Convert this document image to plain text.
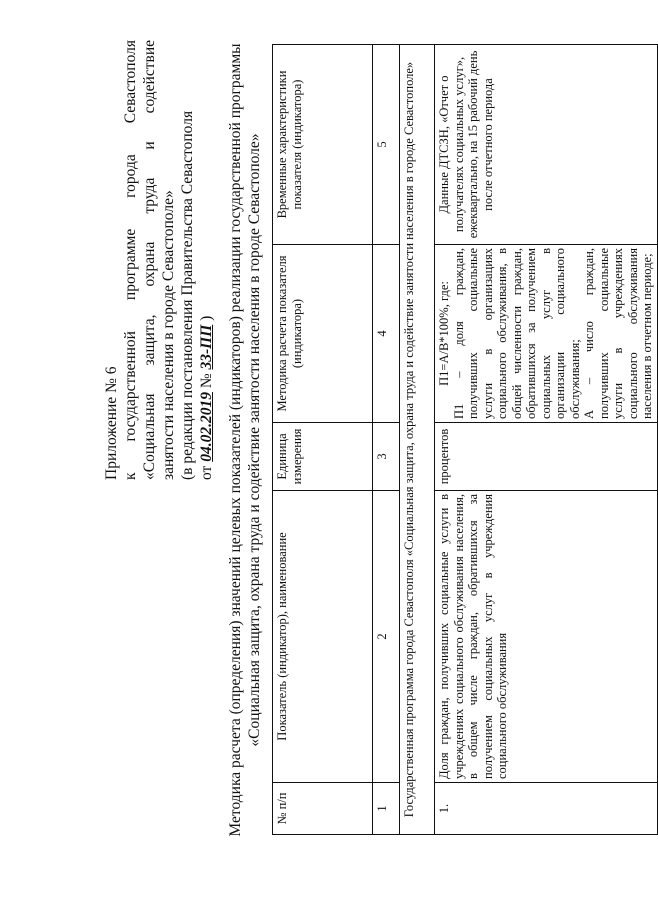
Приложение № 6 к государственной программе города Севастополя «Социальная защита, охрана труда и содействие занятости населения в городе Севастополе» (в редакции постановления Правительства Севастополя от 04.02.2019 № 33-ПП ) Методика расчета (определения) значений целевых показателей (индикаторов) реализации государственной программы «Социальная защита, охрана труда и содействие занятости населения в городе Севастополе»
№ п/п	Показатель (индикатор), наименование	Единица измерения	Методика расчета показателя (индикатора)	Временные характеристики показателя (индикатора)
1	2	3	4	5
Государственная программа города Севастополя «Социальная защита, охрана труда и содействие занятости населения в городе Севастополе»				
1.	Доля граждан, получивших социальные услуги в учреждениях социального обслуживания населения, в общем числе граждан, обратившихся за получением социальных услуг в учреждения социального обслуживания	процентов	П1=А/В*100%, где: П1 – доля граждан, получивших социальные услуги в организациях социального обслуживания, в общей численности граждан, обратившихся за получением социальных услуг в организации социального обслуживания; А – число граждан, получивших социальные услуги в учреждениях социального обслуживания населения в отчетном периоде;	Данные ДТСЗН, «Отчет о получателях социальных услуг», ежеквартально, на 15 рабочий день после отчетного периода
